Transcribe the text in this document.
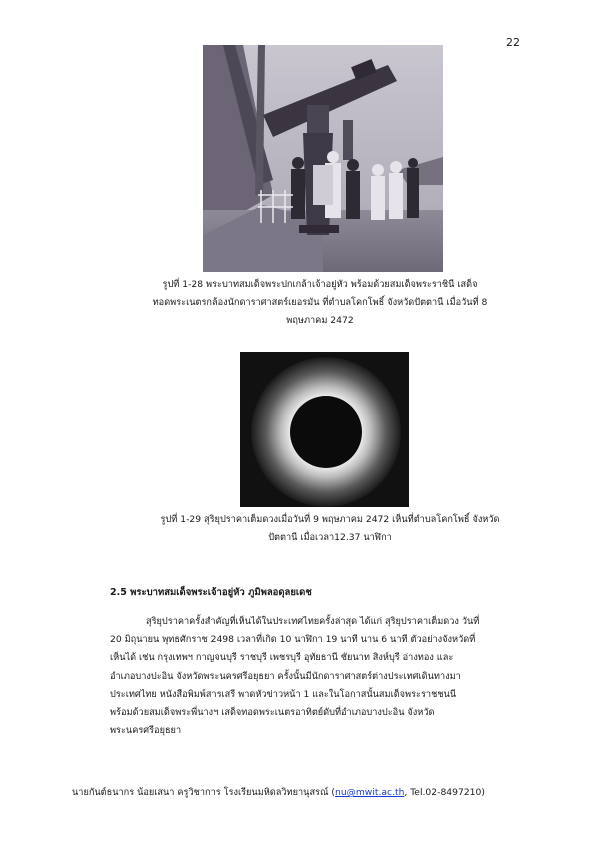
22
รูปที่ 1-28 พระบาทสมเด็จพระปกเกล้าเจ้าอยู่หัว พร้อมด้วยสมเด็จพระราชินี เสด็จ
ทอดพระเนตรกล้องนักดาราศาสตร์เยอรมัน ที่ตำบลโคกโพธิ์ จังหวัดปัตตานี เมื่อวันที่ 8
พฤษภาคม 2472
รูปที่ 1-29 สุริยุปราคาเต็มดวงเมื่อวันที่ 9 พฤษภาคม 2472 เห็นที่ตำบลโคกโพธิ์ จังหวัด
ปัตตานี เมื่อเวลา12.37 นาฬิกา
2.5 พระบาทสมเด็จพระเจ้าอยู่หัว ภูมิพลอดุลยเดช
สุริยุปราคาครั้งสำคัญที่เห็นได้ในประเทศไทยครั้งล่าสุด ได้แก่ สุริยุปราคาเต็มดวง วันที่
20 มิถุนายน พุทธศักราช 2498 เวลาที่เกิด 10 นาฬิกา 19 นาที นาน 6 นาที ตัวอย่างจังหวัดที่
เห็นได้ เช่น กรุงเทพฯ กาญจนบุรี ราชบุรี เพชรบุรี อุทัยธานี ชัยนาท สิงห์บุรี อ่างทอง และ
อำเภอบางปะอิน จังหวัดพระนครศรีอยุธยา ครั้งนั้นมีนักดาราศาสตร์ต่างประเทศเดินทางมา
ประเทศไทย หนังสือพิมพ์สารเสรี พาดหัวข่าวหน้า 1 และในโอกาสนั้นสมเด็จพระราชชนนี
พร้อมด้วยสมเด็จพระพี่นางฯ เสด็จทอดพระเนตรอาทิตย์ดับที่อำเภอบางปะอิน จังหวัด
พระนครศรีอยุธยา
นายกันต์ธนากร น้อยเสนา ครูวิชาการ โรงเรียนมหิดลวิทยานุสรณ์ (nu@mwit.ac.th, Tel.02-8497210)
